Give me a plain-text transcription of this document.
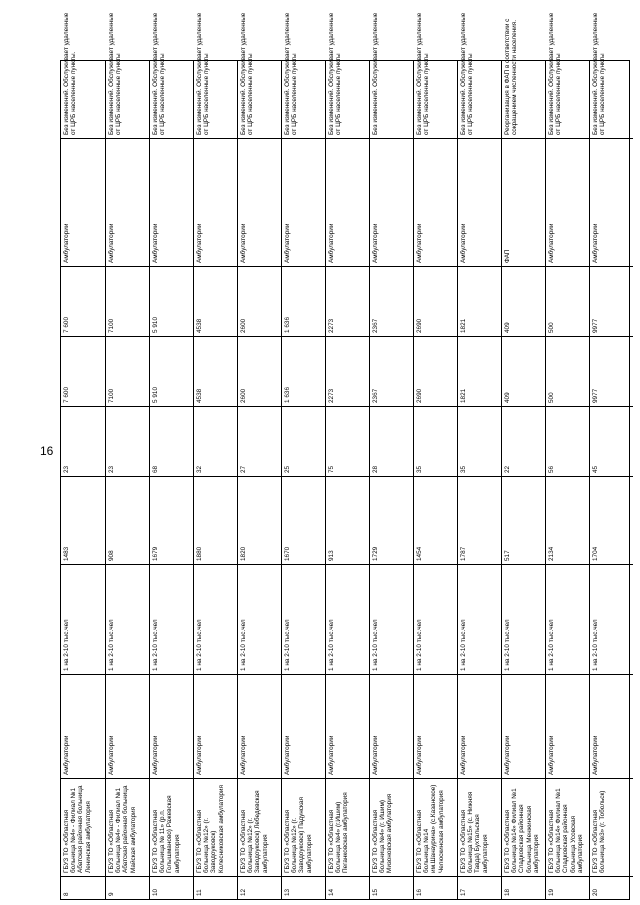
16
8
ГБУЗ ТО «Областная больница №4» - Филиал №1 Абатская районная больница Ленинская амбулатория
Амбулатории
1 на 2-10 тыс.чел
1483
23
7 600
7 600
Амбулатории
Без изменений. Обслуживает удаленные от ЦРБ населенные пункты.
9
ГБУЗ ТО «Областная больница №4» - Филиал №1 Абатская районная больница Майская амбулатория
Амбулатории
1 на 2-10 тыс.чел
908
23
7100
7100
Амбулатории
Без изменений. Обслуживает удаленные от ЦРБ населенные пункты
10
ГБУЗ ТО «Областная больница № 11» (р.п. Голышманово) Ражевская амбулатория
Амбулатории
1 на 2-10 тыс.чел
1679
68
5 910
5 910
Амбулатории
Без изменений. Обслуживает удаленные от ЦРБ населенные пункты
11
ГБУЗ ТО «Областная больница №12» (г. Заводоуковск) Колесниковская амбулатория
Амбулатории
1 на 2-10 тыс.чел
1880
32
4538
4538
Амбулатории
Без изменений. Обслуживает удаленные от ЦРБ населенные пункты
12
ГБУЗ ТО «Областная больница №12» (г. Заводоуковск) Лебедевская амбулатория
Амбулатории
1 на 2-10 тыс.чел
1820
27
2600
2600
Амбулатории
Без изменений. Обслуживает удаленные от ЦРБ населенные пункты
13
ГБУЗ ТО «Областная больница №12» (г. Заводоуковск) Падунская амбулатория
Амбулатории
1 на 2-10 тыс.чел
1670
25
1 636
1 636
Амбулатории
Без изменений. Обслуживает удаленные от ЦРБ населенные пункты
14
ГБУЗ ТО «Областная больница №4» (г.Ишим) Пеганковская амбулатория
Амбулатории
1 на 2-10 тыс.чел
913
75
2273
2273
Амбулатории
Без изменений. Обслуживает удаленные от ЦРБ населенные пункты
15
ГБУЗ ТО «Областная больница №4» (г. Ишим) Мизоновская амбулатория
Амбулатории
1 на 2-10 тыс.чел
1729
28
2367
2367
Амбулатории
Без изменений. Обслуживает удаленные
16
ГБУЗ ТО «Областная больница №14 им.Шанаурина» (с.Казанское) Челюскинская амбулатория
Амбулатории
1 на 2-10 тыс.чел
1454
35
2690
2690
Амбулатории
Без изменений. Обслуживает удаленные от ЦРБ населенные пункты
17
ГБУЗ ТО «Областная больница №15» (с. Нижняя Тавда) Бухтальская амбулатория
Амбулатории
1 на 2-10 тыс.чел
1787
35
1821
1821
Амбулатории
Без изменений. Обслуживает удаленные от ЦРБ населенные пункты
18
ГБУЗ ТО «Областная больница №14» Филиал №1 Сладковская районная больница Менжинская амбулатория
Амбулатории
1 на 2-10 тыс.чел
517
22
409
409
ФАП
Реорганизация в ФАП в соответствии с сокращением численности населения.
19
ГБУЗ ТО «Областная больница №14» Филиал №1 Сладковская районная больница Усовская амбулатория
Амбулатории
1 на 2-10 тыс.чел
2134
56
500
500
Амбулатории
Без изменений. Обслуживает удаленные от ЦРБ населенные пункты
20
ГБУЗ ТО «Областная больница №3» (г. Тобольск)
Амбулатории
1 на 2-10 тыс.чел
1704
45
9977
9977
Амбулатории
Без изменений. Обслуживает удаленные от ЦРБ населенные пункты
